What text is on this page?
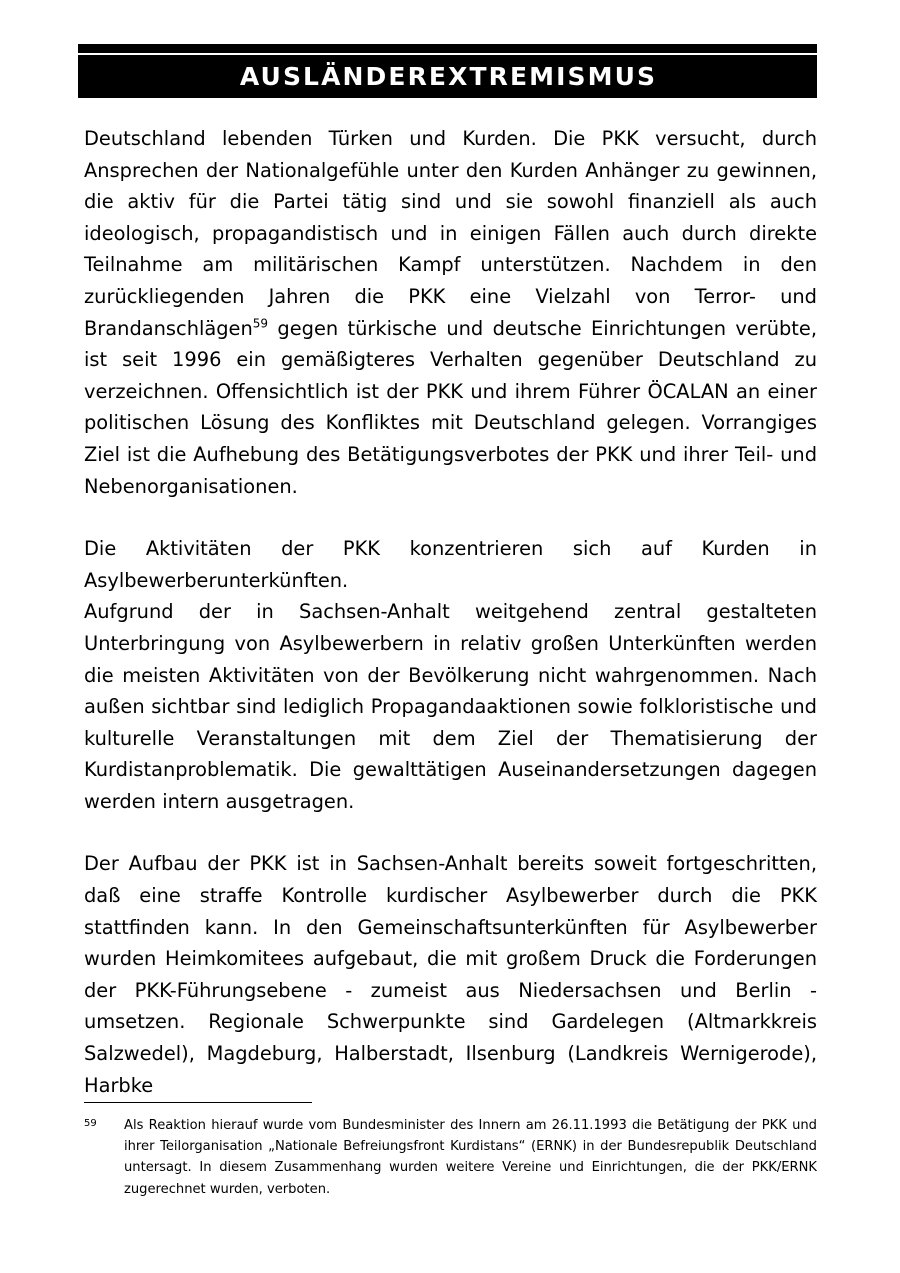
AUSLÄNDEREXTREMISMUS

Deutschland lebenden Türken und Kurden. Die PKK versucht, durch Ansprechen der Nationalgefühle unter den Kurden Anhänger zu gewinnen, die aktiv für die Partei tätig sind und sie sowohl finanziell als auch ideologisch, propagandistisch und in einigen Fällen auch durch direkte Teilnahme am militärischen Kampf unterstützen. Nachdem in den zurückliegenden Jahren die PKK eine Vielzahl von Terror- und Brandanschlägen$^{59}$ gegen türkische und deutsche Einrichtungen verübte, ist seit 1996 ein gemäßigteres Verhalten gegenüber Deutschland zu verzeichnen. Offensichtlich ist der PKK und ihrem Führer ÖCALAN an einer politischen Lösung des Konfliktes mit Deutschland gelegen. Vorrangiges Ziel ist die Aufhebung des Betätigungsverbotes der PKK und ihrer Teil- und Nebenorganisationen.

Die Aktivitäten der PKK konzentrieren sich auf Kurden in Asylbewerberunterkünften.

Aufgrund der in Sachsen-Anhalt weitgehend zentral gestalteten Unterbringung von Asylbewerbern in relativ großen Unterkünften werden die meisten Aktivitäten von der Bevölkerung nicht wahrgenommen. Nach außen sichtbar sind lediglich Propagandaaktionen sowie folkloristische und kulturelle Veranstaltungen mit dem Ziel der Thematisierung der Kurdistanproblematik. Die gewalttätigen Auseinandersetzungen dagegen werden intern ausgetragen.

Der Aufbau der PKK ist in Sachsen-Anhalt bereits soweit fortgeschritten, daß eine straffe Kontrolle kurdischer Asylbewerber durch die PKK stattfinden kann. In den Gemeinschaftsunterkünften für Asylbewerber wurden Heimkomitees aufgebaut, die mit großem Druck die Forderungen der PKK-Führungsebene - zumeist aus Niedersachsen und Berlin - umsetzen. Regionale Schwerpunkte sind Gardelegen (Altmarkkreis Salzwedel), Magdeburg, Halberstadt, Ilsenburg (Landkreis Wernigerode), Harbke

59	Als Reaktion hierauf wurde vom Bundesminister des Innern am 26.11.1993 die Betätigung der PKK und ihrer Teilorganisation „Nationale Befreiungsfront Kurdistans“ (ERNK) in der Bundesrepublik Deutschland untersagt. In diesem Zusammenhang wurden weitere Vereine und Einrichtungen, die der PKK/ERNK zugerechnet wurden, verboten.
